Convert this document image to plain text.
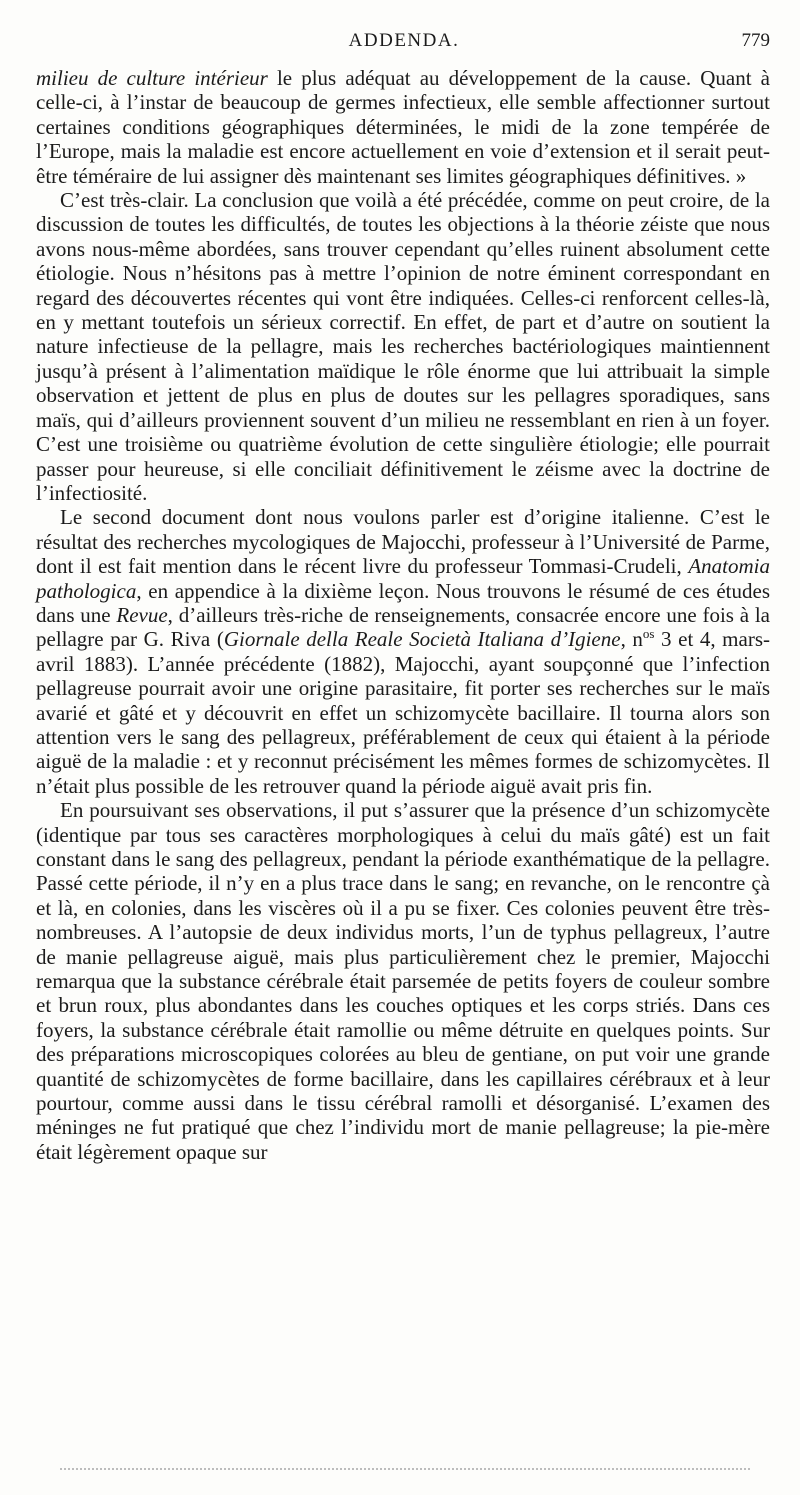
ADDENDA.	779

milieu de culture intérieur le plus adéquat au développement de la cause. Quant à celle-ci, à l’instar de beaucoup de germes infectieux, elle semble affectionner surtout certaines conditions géographiques déterminées, le midi de la zone tempérée de l’Europe, mais la maladie est encore actuellement en voie d’extension et il serait peut-être téméraire de lui assigner dès maintenant ses limites géographiques définitives. »

C’est très-clair. La conclusion que voilà a été précédée, comme on peut croire, de la discussion de toutes les difficultés, de toutes les objections à la théorie zéiste que nous avons nous-même abordées, sans trouver cependant qu’elles ruinent absolument cette étiologie. Nous n’hésitons pas à mettre l’opinion de notre éminent correspondant en regard des découvertes récentes qui vont être indiquées. Celles-ci renforcent celles-là, en y mettant toutefois un sérieux correctif. En effet, de part et d’autre on soutient la nature infectieuse de la pellagre, mais les recherches bactériologiques maintiennent jusqu’à présent à l’alimentation maïdique le rôle énorme que lui attribuait la simple observation et jettent de plus en plus de doutes sur les pellagres sporadiques, sans maïs, qui d’ailleurs proviennent souvent d’un milieu ne ressemblant en rien à un foyer. C’est une troisième ou quatrième évolution de cette singulière étiologie; elle pourrait passer pour heureuse, si elle conciliait définitivement le zéisme avec la doctrine de l’infectiosité.

Le second document dont nous voulons parler est d’origine italienne. C’est le résultat des recherches mycologiques de Majocchi, professeur à l’Université de Parme, dont il est fait mention dans le récent livre du professeur Tommasi-Crudeli, Anatomia pathologica, en appendice à la dixième leçon. Nous trouvons le résumé de ces études dans une Revue, d’ailleurs très-riche de renseignements, consacrée encore une fois à la pellagre par G. Riva (Giornale della Reale Società Italiana d’Igiene, $n^{os}$ 3 et 4, mars-avril 1883). L’année précédente (1882), Majocchi, ayant soupçonné que l’infection pellagreuse pourrait avoir une origine parasitaire, fit porter ses recherches sur le maïs avarié et gâté et y découvrit en effet un schizomycète bacillaire. Il tourna alors son attention vers le sang des pellagreux, préférablement de ceux qui étaient à la période aiguë de la maladie : et y reconnut précisément les mêmes formes de schizomycètes. Il n’était plus possible de les retrouver quand la période aiguë avait pris fin.

En poursuivant ses observations, il put s’assurer que la présence d’un schizomycète (identique par tous ses caractères morphologiques à celui du maïs gâté) est un fait constant dans le sang des pellagreux, pendant la période exanthématique de la pellagre. Passé cette période, il n’y en a plus trace dans le sang; en revanche, on le rencontre çà et là, en colonies, dans les viscères où il a pu se fixer. Ces colonies peuvent être très-nombreuses. A l’autopsie de deux individus morts, l’un de typhus pellagreux, l’autre de manie pellagreuse aiguë, mais plus particulièrement chez le premier, Majocchi remarqua que la substance cérébrale était parsemée de petits foyers de couleur sombre et brun roux, plus abondantes dans les couches optiques et les corps striés. Dans ces foyers, la substance cérébrale était ramollie ou même détruite en quelques points. Sur des préparations microscopiques colorées au bleu de gentiane, on put voir une grande quantité de schizomycètes de forme bacillaire, dans les capillaires cérébraux et à leur pourtour, comme aussi dans le tissu cérébral ramolli et désorganisé. L’examen des méninges ne fut pratiqué que chez l’individu mort de manie pellagreuse; la pie-mère était légèrement opaque sur
